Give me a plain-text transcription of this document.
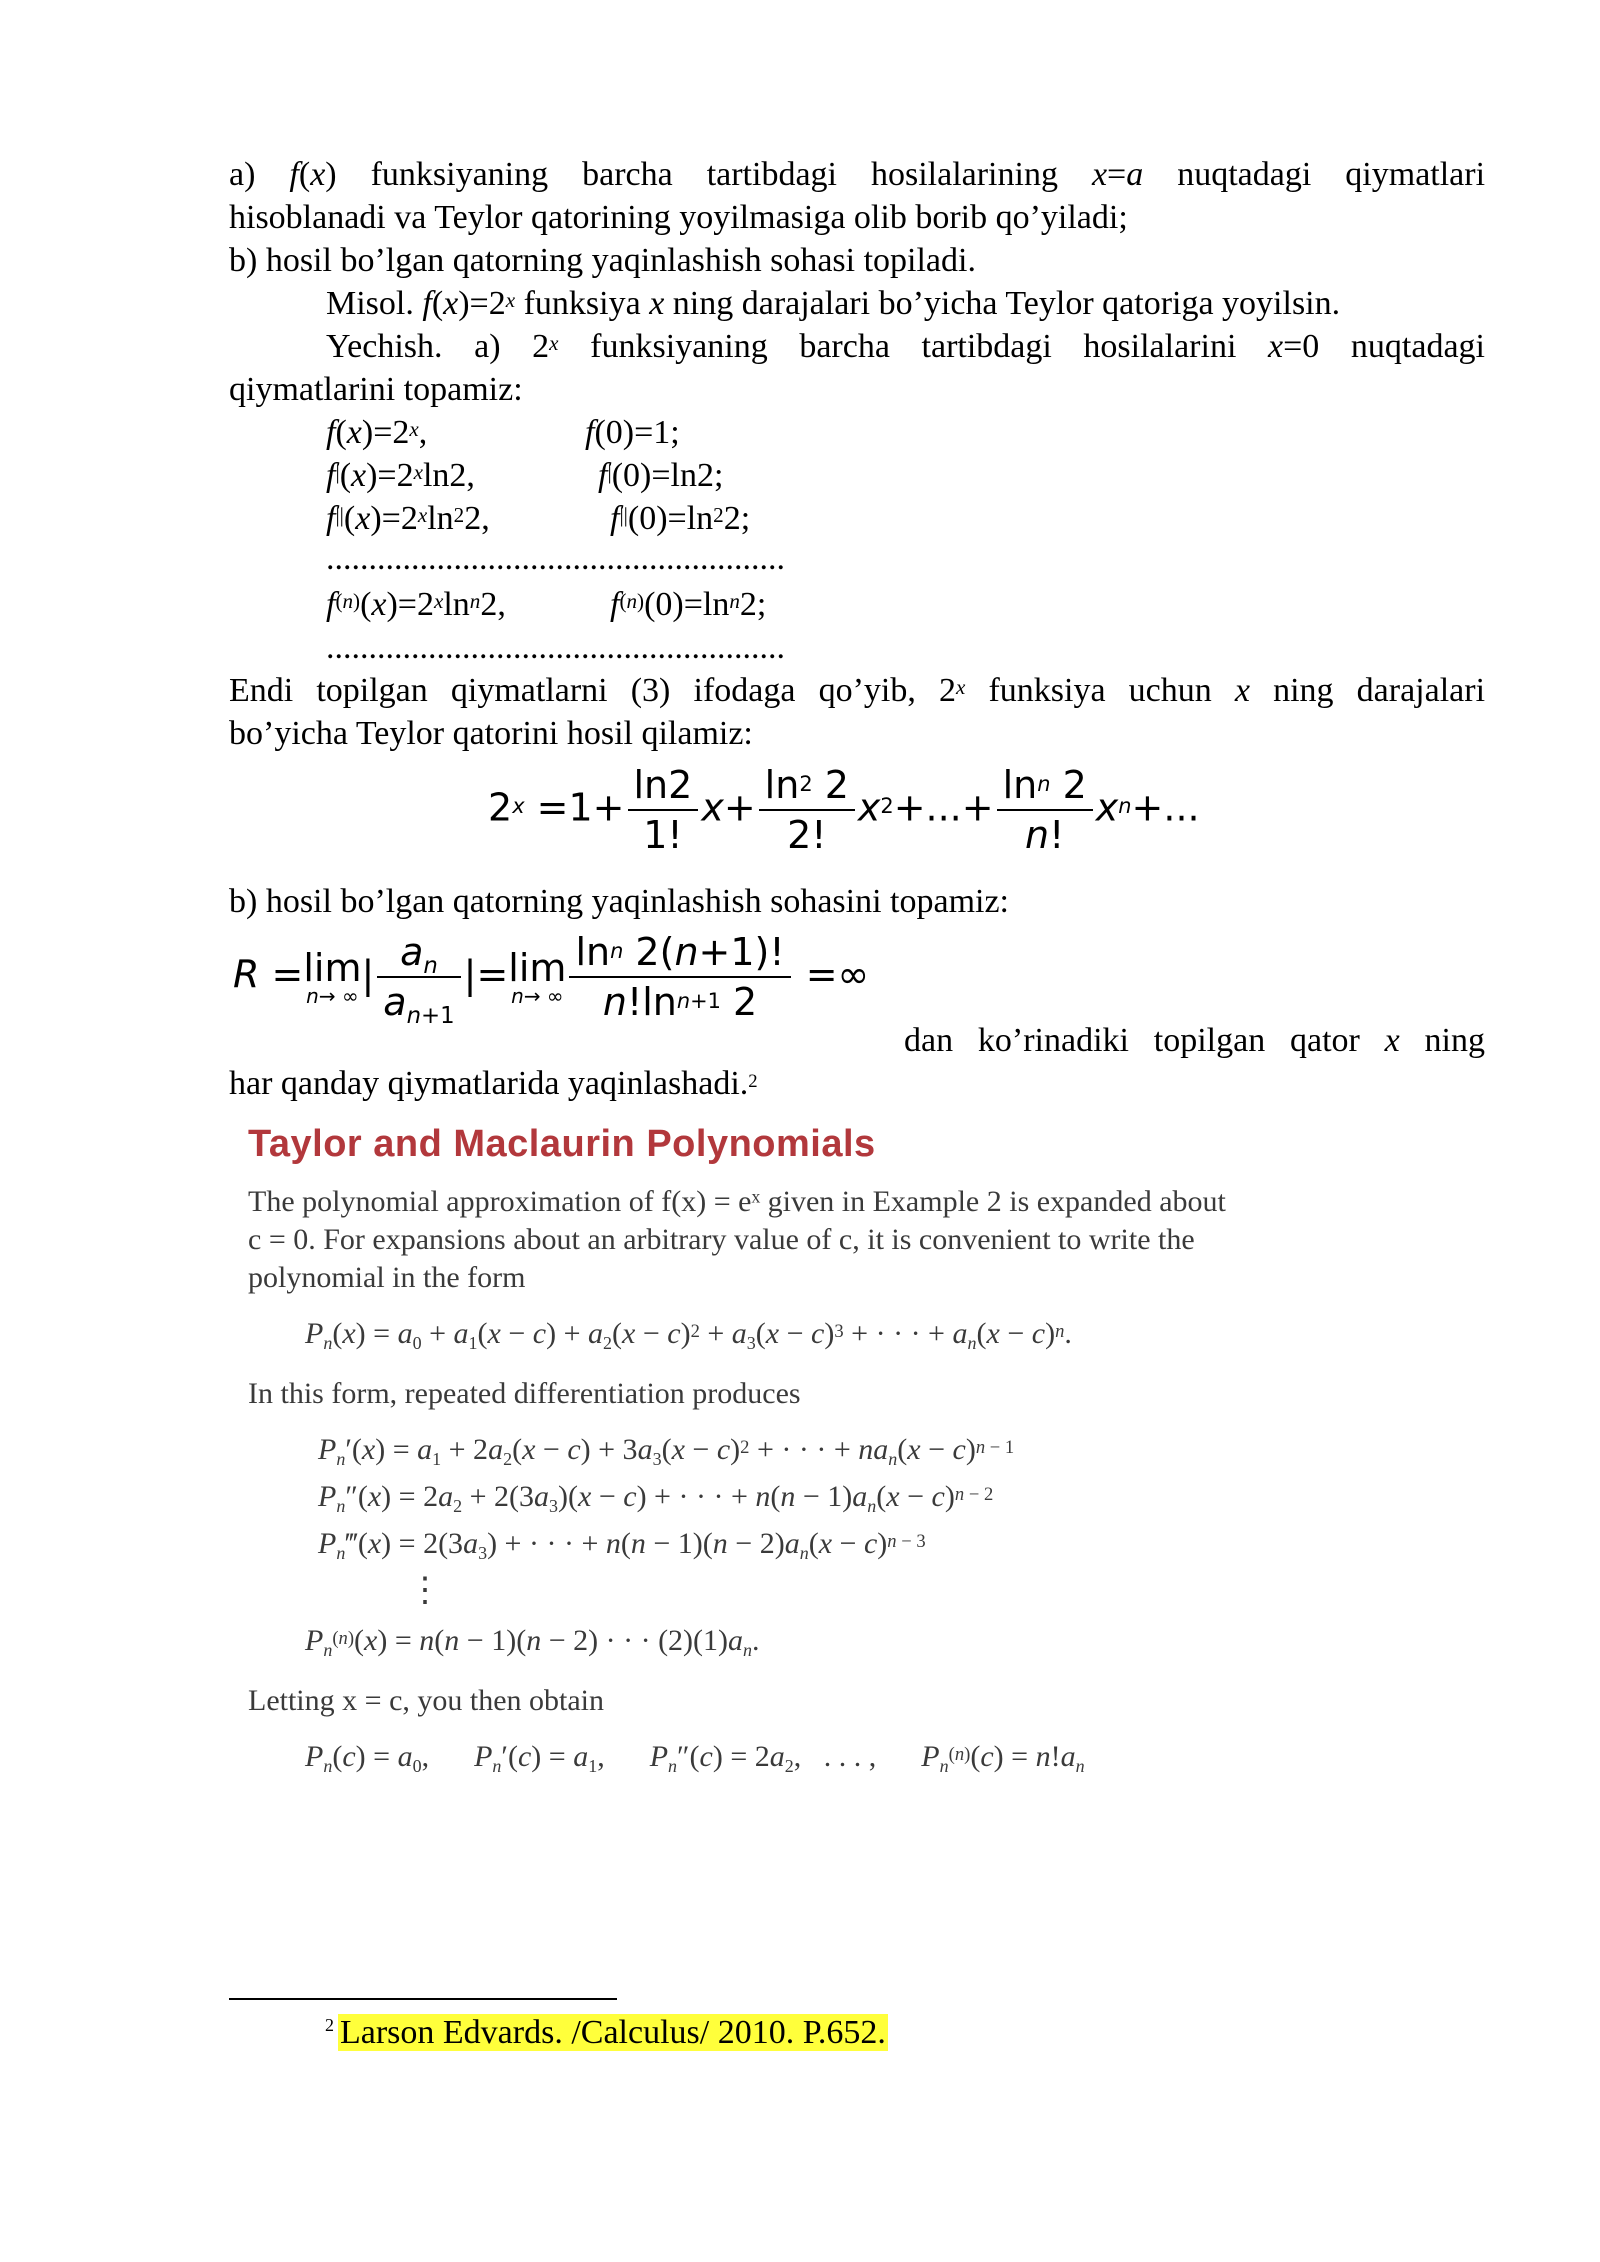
a) f(x) funksiyaning barcha tartibdagi hosilalarining x=a nuqtadagi qiymatlari
hisoblanadi va Teylor qatorining yoyilmasiga olib borib qo’yiladi;
b) hosil bo’lgan qatorning yaqinlashish sohasi topiladi.
Misol. $f(x)=2^x$ funksiya x ning darajalari bo’yicha Teylor qatoriga yoyilsin.
Yechish. a) 2$^x$ funksiyaning barcha tartibdagi hosilalarini x=0 nuqtadagi
qiymatlarini topamiz:
$f(x)=2^x$,	f(0)=1;
$f^|(x)=2^x\ln 2$,	f|(0)=ln2;
$f^{||}(x)=2^x\ln^22$,	$f^{||}(0)=\ln^22$;
......................................................
$f^{(n)}(x)=2^x\ln^n2$,	$f^{(n)}(0)=\ln^n2$;
......................................................
Endi topilgan qiymatlarni (3) ifodaga qo’yib, 2$^x$ funksiya uchun x ning darajalari
bo’yicha Teylor qatorini hosil qilamiz:
$2^x =1+ \frac{\ln 2}{1!} x+ \frac{\ln^2 2}{2!} x^2+...+ \frac{\ln^n 2}{n!} x^n+$...
b) hosil bo’lgan qatorning yaqinlashish sohasini topamiz:
R =lim

n→ ∞ | $\frac{a_n}{a_{n+1}} |=\lim$

n→ ∞ $\frac{\ln^n 2(n+1)!}{n!\ln^{n+1} 2}$ =∞
dan ko’rinadiki topilgan qator x ning
har qanday qiymatlarida yaqinlashadi.$^2$
Taylor and Maclaurin Polynomials
The polynomial approximation of f(x) = eˣ given in Example 2 is expanded about
c = 0. For expansions about an arbitrary value of c, it is convenient to write the
polynomial in the form
$P_n(x) = a_0 + a_1(x - c) + a_2(x - c)^2 + a_3(x - c)^3$ + · · · + $a_n(x - c)^n$.
In this form, repeated differentiation produces
$P_n'(x) = a_1 + 2a_2(x - c) + 3a_3(x - c)^2$ + · · · + $na_n(x - c)^{n - 1}$
$P_n''(x) = 2a_2 + 2(3a_3)(x - c)$ + · · · + $n(n - 1)a_n(x - c)^{n - 2}$
$P_n‴(x) = 2(3a_3)$ + · · · + $n(n - 1)(n - 2)a_n(x - c)^{n - 3}$
⋮
$P_n^{(n)}(x) = n(n - 1)(n - 2)$ · · · $(2)(1)a_n$.
Letting x = c, you then obtain
$P_n(c) = a_0$,      $P_n'(c) = a_1$,      $P_n''(c) = 2a_2$,   . . . ,      $P_n^{(n)}(c) = n!a_n$
$^2$ Larson Edvards. /Calculus/ 2010. P.652.
